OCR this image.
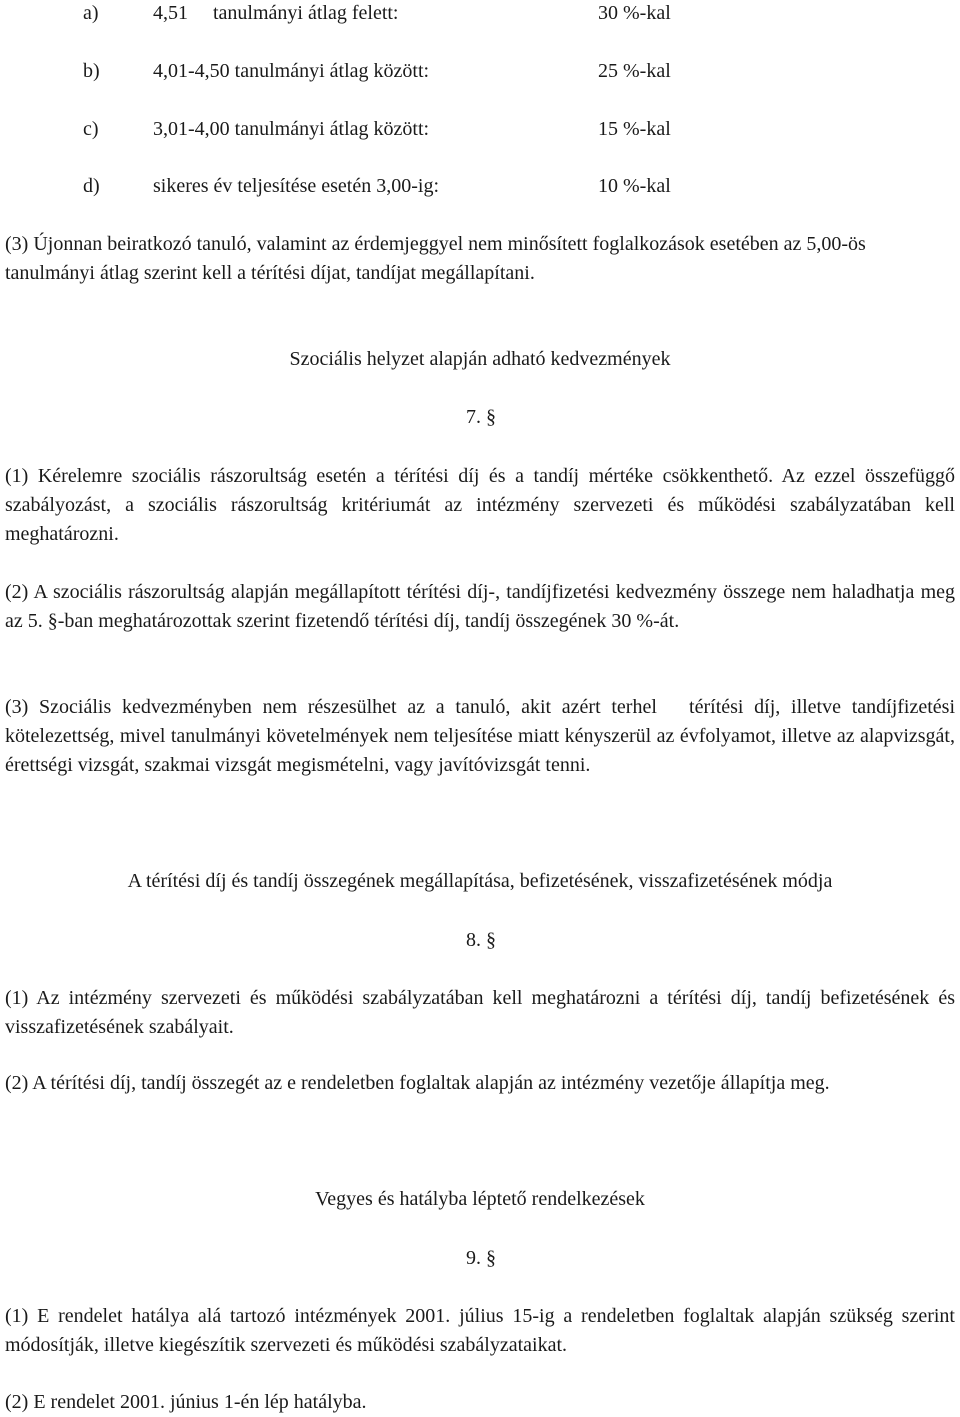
a)	4,51     tanulmányi átlag felett:	30 %-kal
b)	4,01-4,50 tanulmányi átlag között:	25 %-kal
c)	3,01-4,00 tanulmányi átlag között:	15 %-kal
d)	sikeres év teljesítése esetén 3,00-ig:	10 %-kal

(3) Újonnan beiratkozó tanuló, valamint az érdemjeggyel nem minősített foglalkozások esetében az 5,00-ös tanulmányi átlag szerint kell a térítési díjat, tandíjat megállapítani.

Szociális helyzet alapján adható kedvezmények
7. §

(1) Kérelemre szociális rászorultság esetén a térítési díj és a tandíj mértéke csökkenthető. Az ezzel összefüggő szabályozást, a szociális rászorultság kritériumát az intézmény szervezeti és működési szabályzatában kell meghatározni.

(2) A szociális rászorultság alapján megállapított térítési díj-, tandíjfizetési kedvezmény összege nem haladhatja meg az 5. §-ban meghatározottak szerint fizetendő térítési díj, tandíj összegének 30 %-át.

(3) Szociális kedvezményben nem részesülhet az a tanuló, akit azért terhel   térítési díj, illetve tandíjfizetési kötelezettség, mivel tanulmányi követelmények nem teljesítése miatt kényszerül az évfolyamot, illetve az alapvizsgát, érettségi vizsgát, szakmai vizsgát megismételni, vagy javítóvizsgát tenni.

A térítési díj és tandíj összegének megállapítása, befizetésének, visszafizetésének módja
8. §

(1) Az intézmény szervezeti és működési szabályzatában kell meghatározni a térítési díj, tandíj befizetésének és visszafizetésének szabályait.

(2) A térítési díj, tandíj összegét az e rendeletben foglaltak alapján az intézmény vezetője állapítja meg.

Vegyes és hatályba léptető rendelkezések
9. §

(1) E rendelet hatálya alá tartozó intézmények 2001. július 15-ig a rendeletben foglaltak alapján szükség szerint módosítják, illetve kiegészítik szervezeti és működési szabályzataikat.

(2) E rendelet 2001. június 1-én lép hatályba.
